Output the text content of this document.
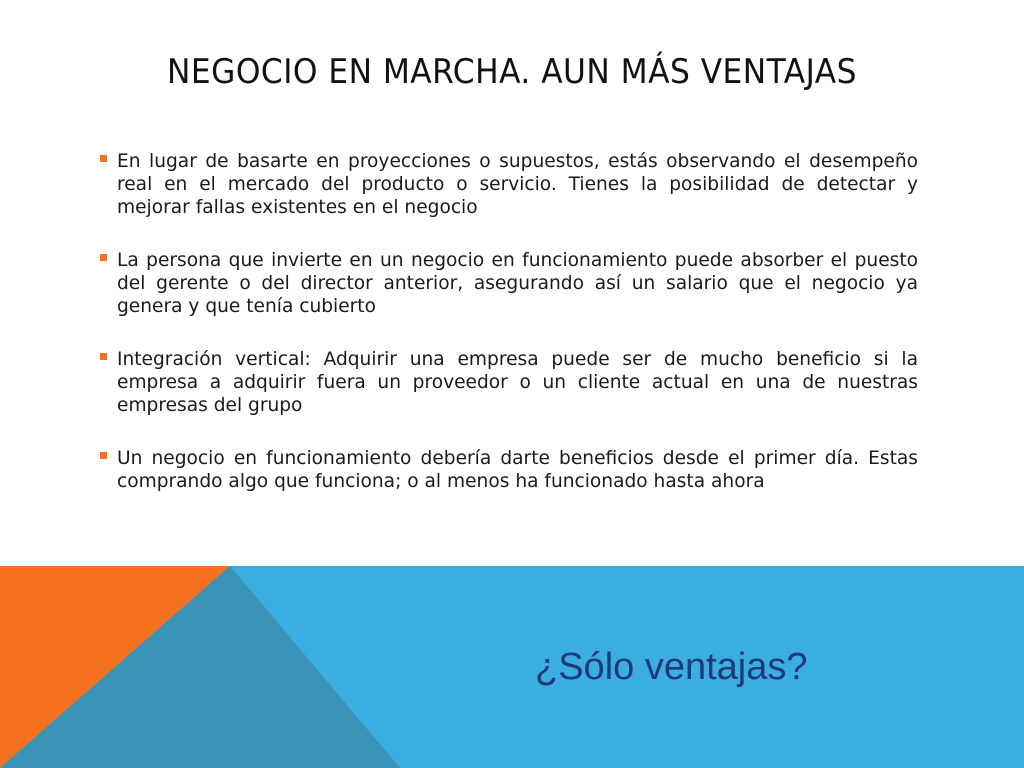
NEGOCIO EN MARCHA. AUN MÁS VENTAJAS
En lugar de basarte en proyecciones o supuestos, estás observando el desempeño real en el mercado del producto o servicio. Tienes la posibilidad de detectar y mejorar fallas existentes en el negocio
La persona que invierte en un negocio en funcionamiento puede absorber el puesto del gerente o del director anterior, asegurando así un salario que el negocio ya genera y que tenía cubierto
Integración vertical: Adquirir una empresa puede ser de mucho beneficio si la empresa a adquirir fuera un proveedor o un cliente actual en una de nuestras empresas del grupo
Un negocio en funcionamiento debería darte beneficios desde el primer día. Estas comprando algo que funciona; o al menos ha funcionado hasta ahora
¿Sólo ventajas?
